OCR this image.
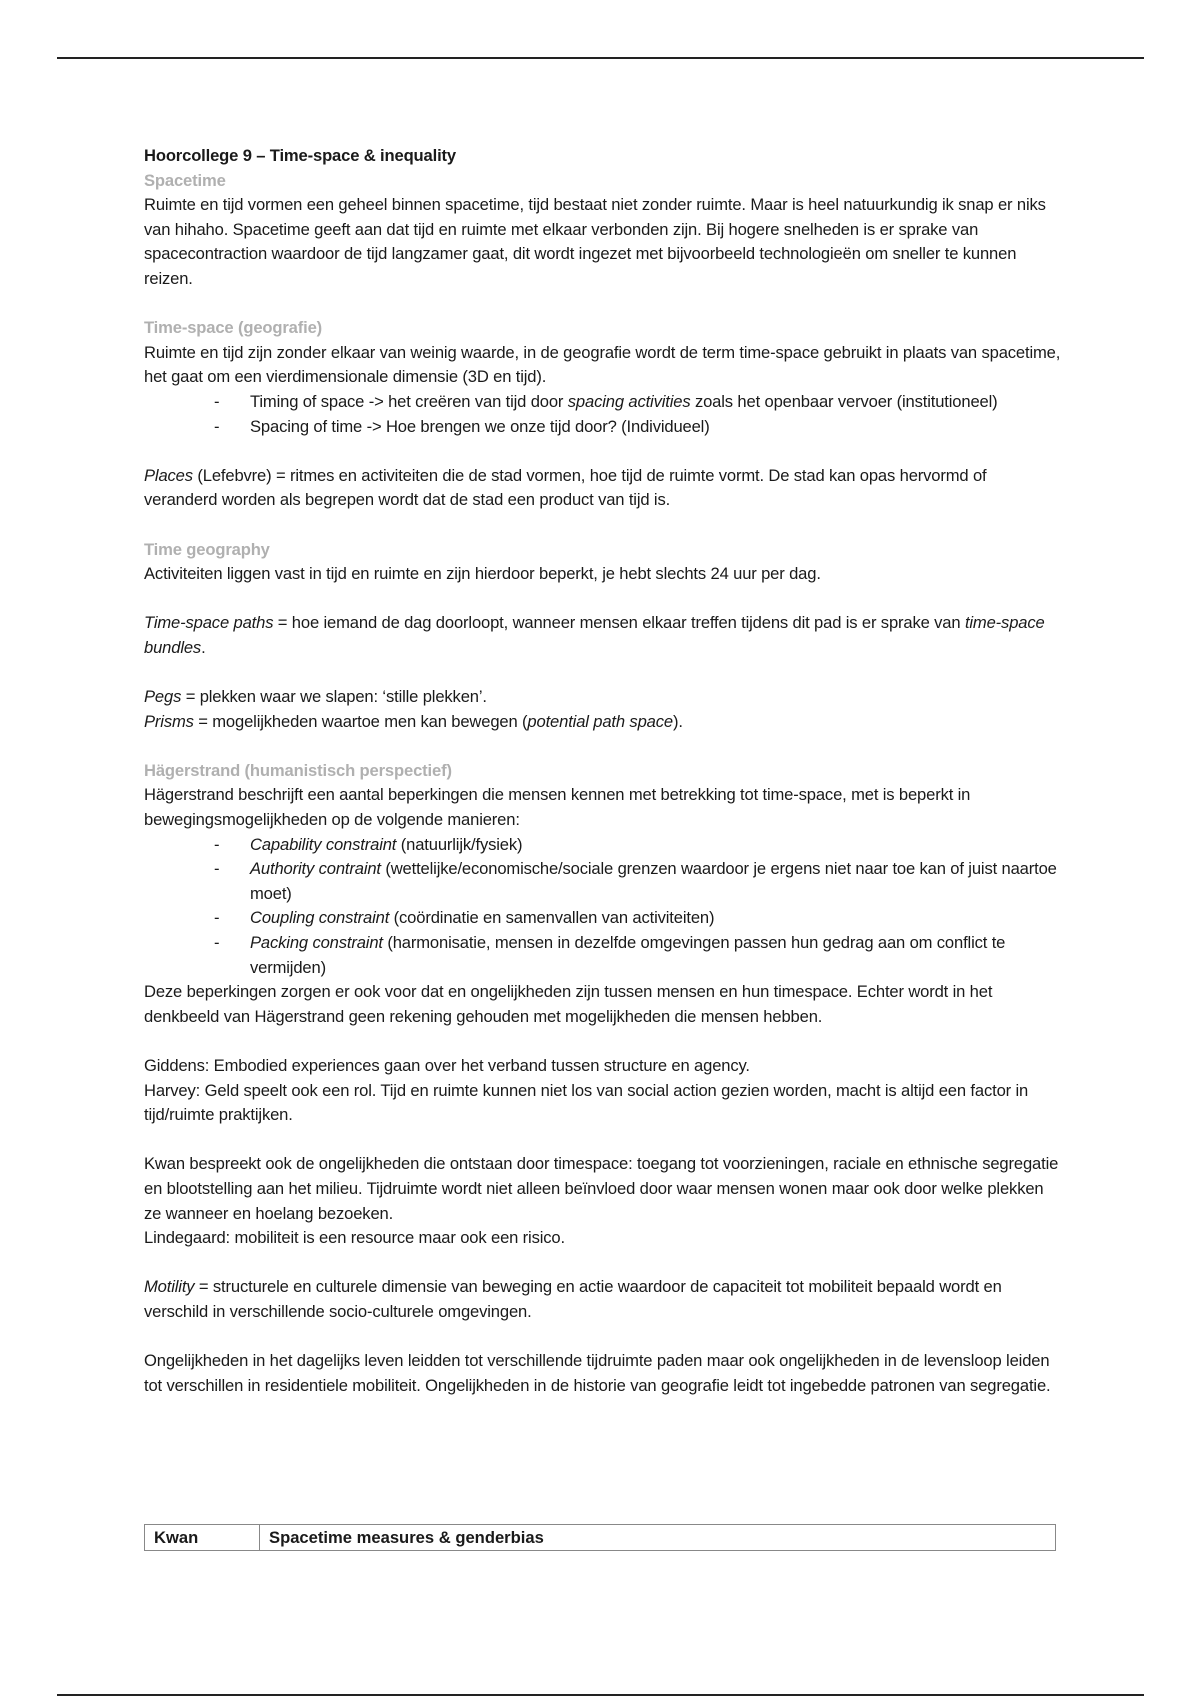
Hoorcollege 9 – Time-space & inequality

Spacetime

Ruimte en tijd vormen een geheel binnen spacetime, tijd bestaat niet zonder ruimte. Maar is heel natuurkundig ik snap er niks van hihaho. Spacetime geeft aan dat tijd en ruimte met elkaar verbonden zijn. Bij hogere snelheden is er sprake van spacecontraction waardoor de tijd langzamer gaat, dit wordt ingezet met bijvoorbeeld technologieën om sneller te kunnen reizen.

Time-space (geografie)

Ruimte en tijd zijn zonder elkaar van weinig waarde, in de geografie wordt de term time-space gebruikt in plaats van spacetime, het gaat om een vierdimensionale dimensie (3D en tijd).

- Timing of space -> het creëren van tijd door spacing activities zoals het openbaar vervoer (institutioneel)
- Spacing of time -> Hoe brengen we onze tijd door? (Individueel)

Places (Lefebvre) = ritmes en activiteiten die de stad vormen, hoe tijd de ruimte vormt. De stad kan opas hervormd of veranderd worden als begrepen wordt dat de stad een product van tijd is.

Time geography

Activiteiten liggen vast in tijd en ruimte en zijn hierdoor beperkt, je hebt slechts 24 uur per dag.

Time-space paths = hoe iemand de dag doorloopt, wanneer mensen elkaar treffen tijdens dit pad is er sprake van time-space bundles.

Pegs = plekken waar we slapen: ‘stille plekken’.

Prisms = mogelijkheden waartoe men kan bewegen (potential path space).

Hägerstrand (humanistisch perspectief)

Hägerstrand beschrijft een aantal beperkingen die mensen kennen met betrekking tot time-space, met is beperkt in bewegingsmogelijkheden op de volgende manieren:

- Capability constraint (natuurlijk/fysiek)
- Authority contraint (wettelijke/economische/sociale grenzen waardoor je ergens niet naar toe kan of juist naartoe moet)
- Coupling constraint (coördinatie en samenvallen van activiteiten)
- Packing constraint (harmonisatie, mensen in dezelfde omgevingen passen hun gedrag aan om conflict te vermijden)

Deze beperkingen zorgen er ook voor dat en ongelijkheden zijn tussen mensen en hun timespace. Echter wordt in het denkbeeld van Hägerstrand geen rekening gehouden met mogelijkheden die mensen hebben.

Giddens: Embodied experiences gaan over het verband tussen structure en agency.

Harvey: Geld speelt ook een rol. Tijd en ruimte kunnen niet los van social action gezien worden, macht is altijd een factor in tijd/ruimte praktijken.

Kwan bespreekt ook de ongelijkheden die ontstaan door timespace: toegang tot voorzieningen, raciale en ethnische segregatie en blootstelling aan het milieu. Tijdruimte wordt niet alleen beïnvloed door waar mensen wonen maar ook door welke plekken ze wanneer en hoelang bezoeken.

Lindegaard: mobiliteit is een resource maar ook een risico.

Motility = structurele en culturele dimensie van beweging en actie waardoor de capaciteit tot mobiliteit bepaald wordt en verschild in verschillende socio-culturele omgevingen.

Ongelijkheden in het dagelijks leven leidden tot verschillende tijdruimte paden maar ook ongelijkheden in de levensloop leiden tot verschillen in residentiele mobiliteit. Ongelijkheden in de historie van geografie leidt tot ingebedde patronen van segregatie.

Kwan	Spacetime measures & genderbias
